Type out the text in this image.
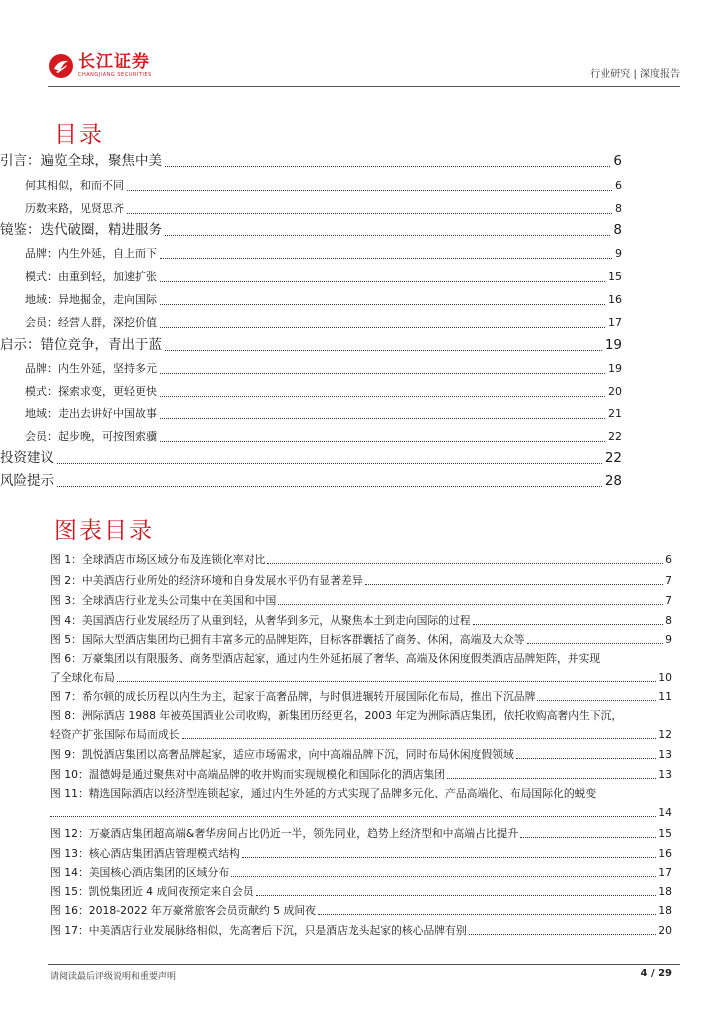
长江证券
CHANGJIANG SECURITIES	行业研究 | 深度报告
目录
引言：遍览全球，聚焦中美	6
何其相似，和而不同	6
历数来路，见贤思齐	8
镜鉴：迭代破圈，精进服务	8
品牌：内生外延，自上而下	9
模式：由重到轻，加速扩张	15
地域：异地掘金，走向国际	16
会员：经营人群，深挖价值	17
启示：错位竞争，青出于蓝	19
品牌：内生外延，坚持多元	19
模式：探索求变，更轻更快	20
地域：走出去讲好中国故事	21
会员：起步晚，可按图索骥	22
投资建议	22
风险提示	28
图表目录
图 1：全球酒店市场区域分布及连锁化率对比	6
图 2：中美酒店行业所处的经济环境和自身发展水平仍有显著差异	7
图 3：全球酒店行业龙头公司集中在美国和中国	7
图 4：美国酒店行业发展经历了从重到轻，从奢华到多元，从聚焦本土到走向国际的过程	8
图 5：国际大型酒店集团均已拥有丰富多元的品牌矩阵，目标客群囊括了商务、休闲，高端及大众等	9
图 6：万豪集团以有限服务、商务型酒店起家，通过内生外延拓展了奢华、高端及休闲度假类酒店品牌矩阵，并实现
了全球化布局	10
图 7：希尔顿的成长历程以内生为主，起家于高奢品牌，与时俱进辗转开展国际化布局，推出下沉品牌	11
图 8：洲际酒店 1988 年被英国酒业公司收购，新集团历经更名，2003 年定为洲际酒店集团，依托收购高奢内生下沉，
轻资产扩张国际布局而成长	12
图 9：凯悦酒店集团以高奢品牌起家，适应市场需求，向中高端品牌下沉，同时布局休闲度假领域	13
图 10：温德姆是通过聚焦对中高端品牌的收并购而实现规模化和国际化的酒店集团	13
图 11：精选国际酒店以经济型连锁起家，通过内生外延的方式实现了品牌多元化、产品高端化、布局国际化的蜕变
14
图 12：万豪酒店集团超高端&奢华房间占比仍近一半，领先同业，趋势上经济型和中高端占比提升	15
图 13：核心酒店集团酒店管理模式结构	16
图 14：美国核心酒店集团的区域分布	17
图 15：凯悦集团近 4 成间夜预定来自会员	18
图 16：2018-2022 年万豪常旅客会员贡献约 5 成间夜	18
图 17：中美酒店行业发展脉络相似，先高奢后下沉，只是酒店龙头起家的核心品牌有别	20
请阅读最后评级说明和重要声明	4 / 29
